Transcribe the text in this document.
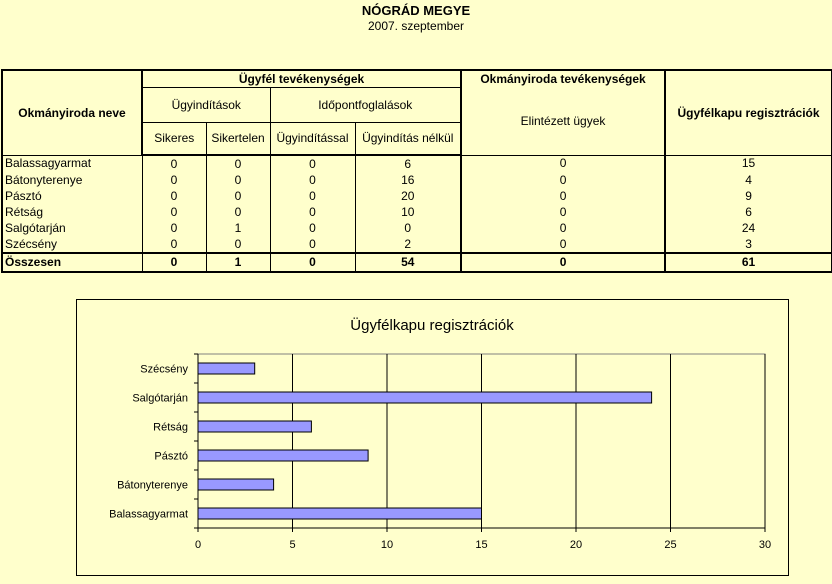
NÓGRÁD MEGYE
2007. szeptember
Okmányiroda neve	Ügyfél tevékenységek				Okmányiroda tevékenységek	Ügyfélkapu regisztrációk
	Ügyindítások		Időpontfoglalások		Elintézett ügyek	
	Sikeres	Sikertelen	Ügyindítással	Ügyindítás nélkül		
Balassagyarmat	0	0	0	6	0	15
Bátonyterenye	0	0	0	16	0	4
Pásztó	0	0	0	20	0	9
Rétság	0	0	0	10	0	6
Salgótarján	0	1	0	0	0	24
Szécsény	0	0	0	2	0	3
Összesen	0	1	0	54	0	61
Ügyfélkapu regisztrációk
0	5	10	15	20	25	30
Szécsény
Salgótarján
Rétság
Pásztó
Bátonyterenye
Balassagyarmat
